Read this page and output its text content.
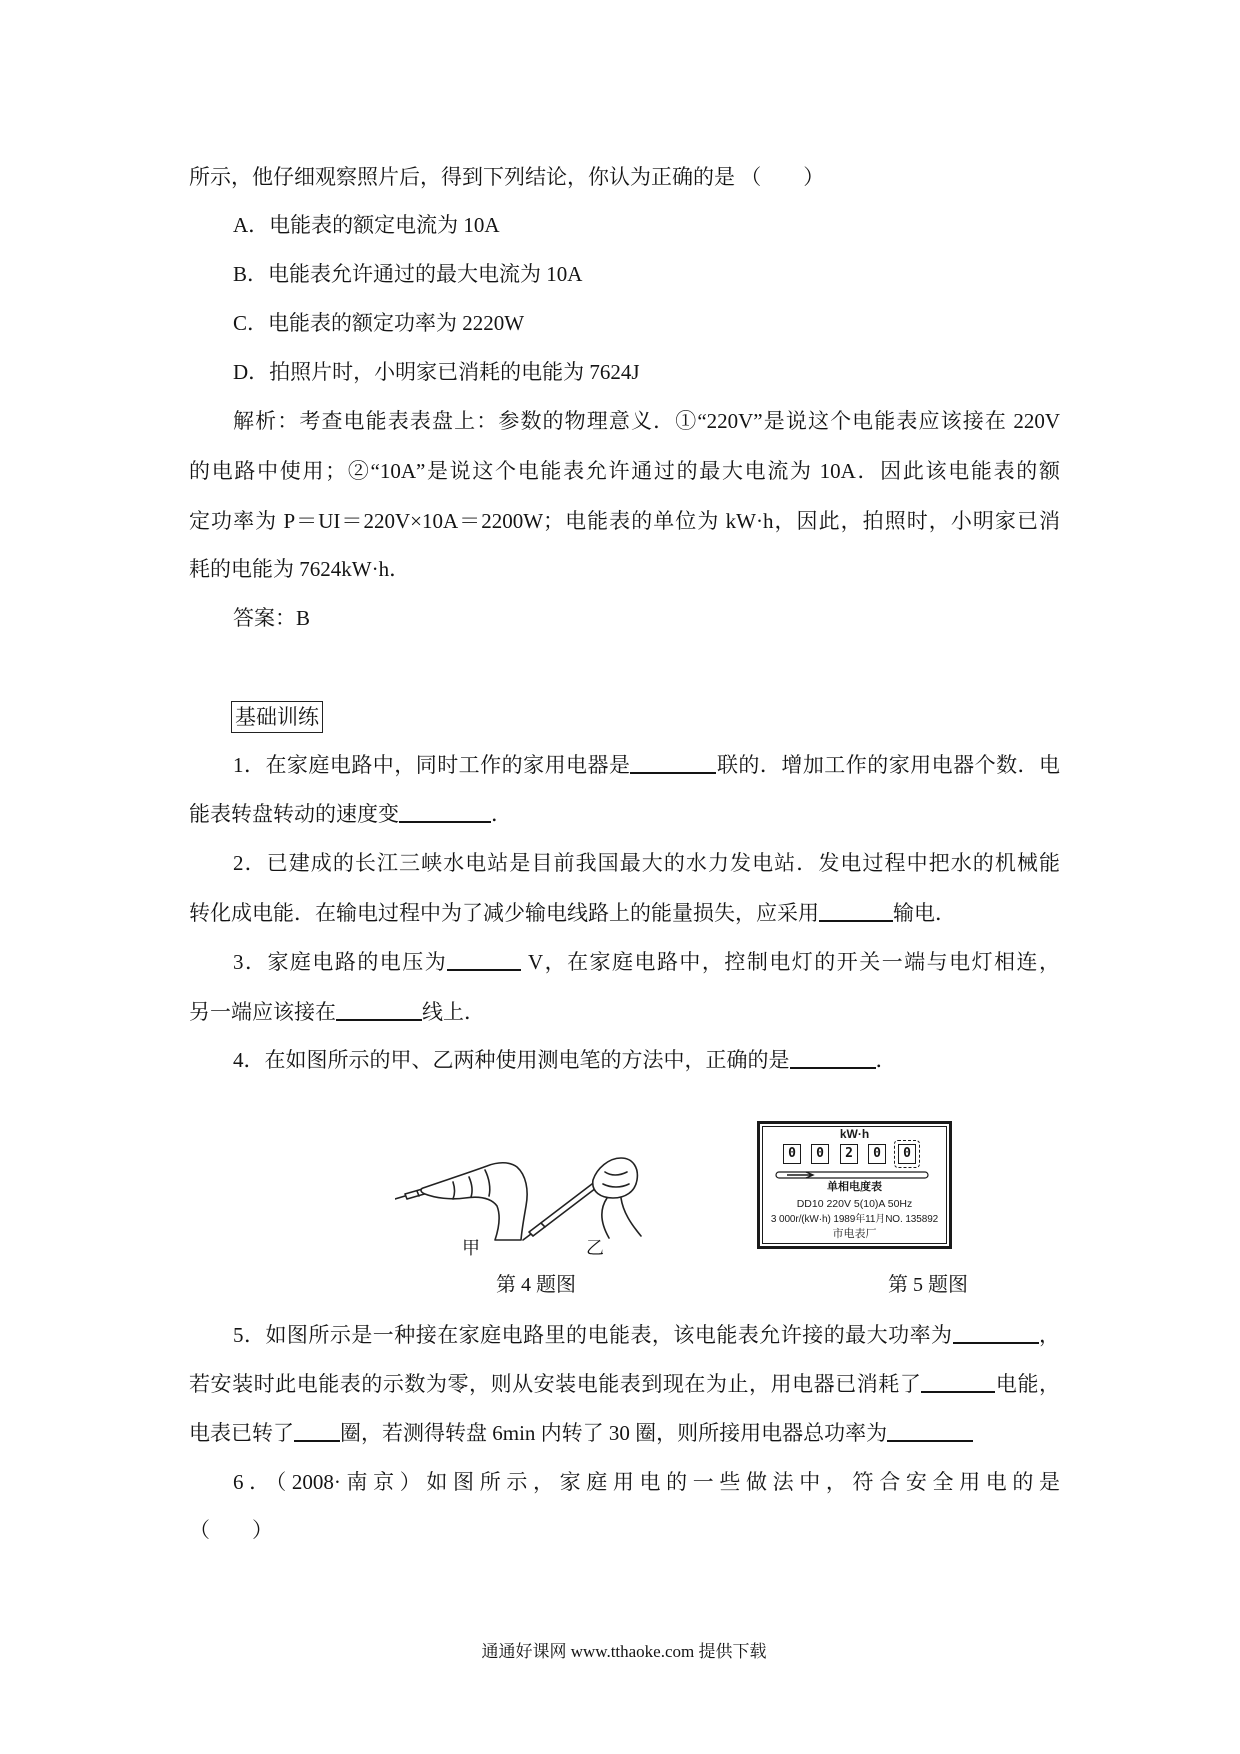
所示，他仔细观察照片后，得到下列结论，你认为正确的是 （　　）
A．电能表的额定电流为 10A
B．电能表允许通过的最大电流为 10A
C．电能表的额定功率为 2220W
D．拍照片时，小明家已消耗的电能为 7624J
解析：考查电能表表盘上：参数的物理意义．①“220V”是说这个电能表应该接在 220V
的电路中使用；②“10A”是说这个电能表允许通过的最大电流为 10A．因此该电能表的额
定功率为 P＝UI＝220V×10A＝2200W；电能表的单位为 kW·h，因此，拍照时，小明家已消
耗的电能为 7624kW·h．
答案：B
基础训练
1．在家庭电路中，同时工作的家用电器是	联的．增加工作的家用电器个数．电
能表转盘转动的速度变	．
2．已建成的长江三峡水电站是目前我国最大的水力发电站．发电过程中把水的机械能
转化成电能．在输电过程中为了减少输电线路上的能量损失，应采用	输电．
3．家庭电路的电压为	V，在家庭电路中，控制电灯的开关一端与电灯相连，
另一端应该接在	线上．
4．在如图所示的甲、乙两种使用测电笔的方法中，正确的是	．
甲	乙
第 4 题图
kW·h
0	0	2	0	0
单相电度表
DD10 220V 5(10)A 50Hz
3 000r/(kW·h) 1989年11月NO. 135892
市电表厂
第 5 题图
5．如图所示是一种接在家庭电路里的电能表，该电能表允许接的最大功率为	，
若安装时此电能表的示数为零，则从安装电能表到现在为止，用电器已消耗了	电能，
电表已转了 圈，若测得转盘 6min 内转了 30 圈，则所接用电器总功率为
6．（2008·南京）如图所示，家庭用电的一些做法中，符合安全用电的是
（　　）
通通好课网 www.tthaoke.com 提供下载
